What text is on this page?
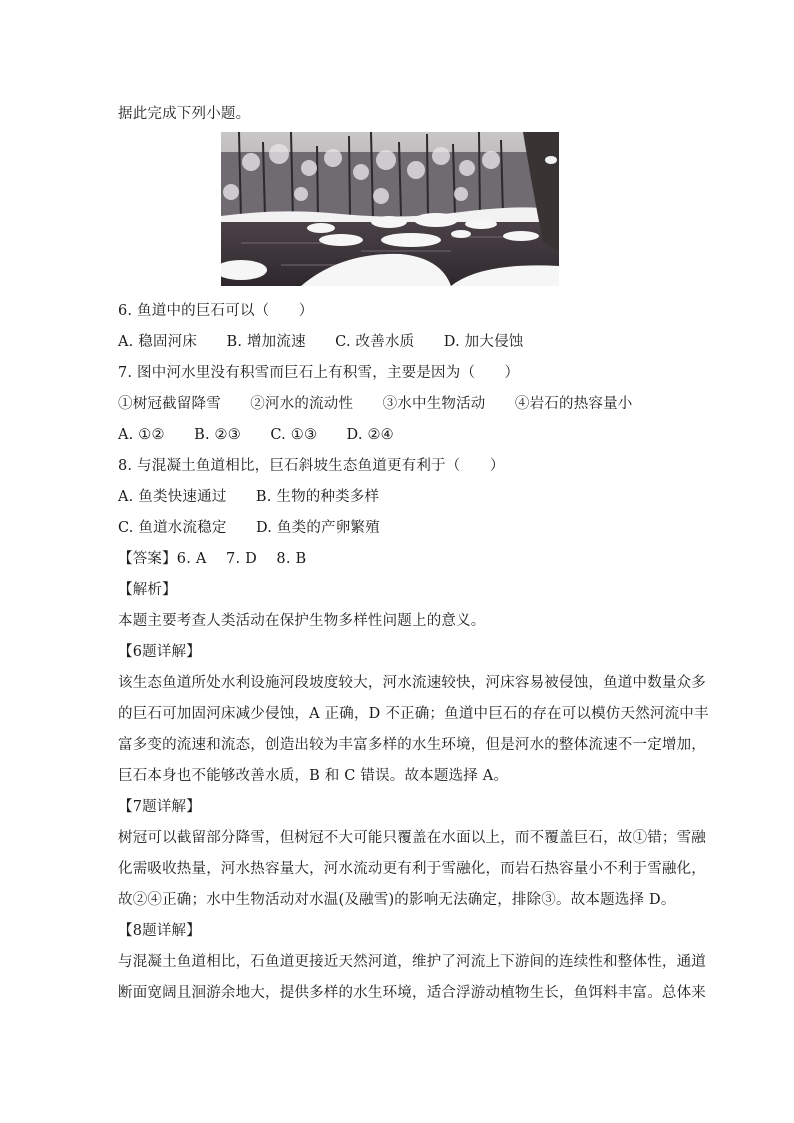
据此完成下列小题。
6. 鱼道中的巨石可以（　　）
A. 稳固河床　　B. 增加流速　　C. 改善水质　　D. 加大侵蚀
7. 图中河水里没有积雪而巨石上有积雪，主要是因为（　　）
①树冠截留降雪　　②河水的流动性　　③水中生物活动　　④岩石的热容量小
A. ①②　　B. ②③　　C. ①③　　D. ②④
8. 与混凝土鱼道相比，巨石斜坡生态鱼道更有利于（　　）
A. 鱼类快速通过　　B. 生物的种类多样
C. 鱼道水流稳定　　D. 鱼类的产卵繁殖
【答案】6. A　 7. D　 8. B
【解析】
本题主要考查人类活动在保护生物多样性问题上的意义。
【6题详解】
该生态鱼道所处水利设施河段坡度较大，河水流速较快，河床容易被侵蚀，鱼道中数量众多
的巨石可加固河床减少侵蚀，A 正确，D 不正确；鱼道中巨石的存在可以模仿天然河流中丰
富多变的流速和流态，创造出较为丰富多样的水生环境，但是河水的整体流速不一定增加，
巨石本身也不能够改善水质，B 和 C 错误。故本题选择 A。
【7题详解】
树冠可以截留部分降雪，但树冠不大可能只覆盖在水面以上，而不覆盖巨石，故①错；雪融
化需吸收热量，河水热容量大，河水流动更有利于雪融化，而岩石热容量小不利于雪融化，
故②④正确；水中生物活动对水温(及融雪)的影响无法确定，排除③。故本题选择 D。
【8题详解】
与混凝土鱼道相比，石鱼道更接近天然河道，维护了河流上下游间的连续性和整体性，通道
断面宽阔且洄游余地大，提供多样的水生环境，适合浮游动植物生长，鱼饵料丰富。总体来
